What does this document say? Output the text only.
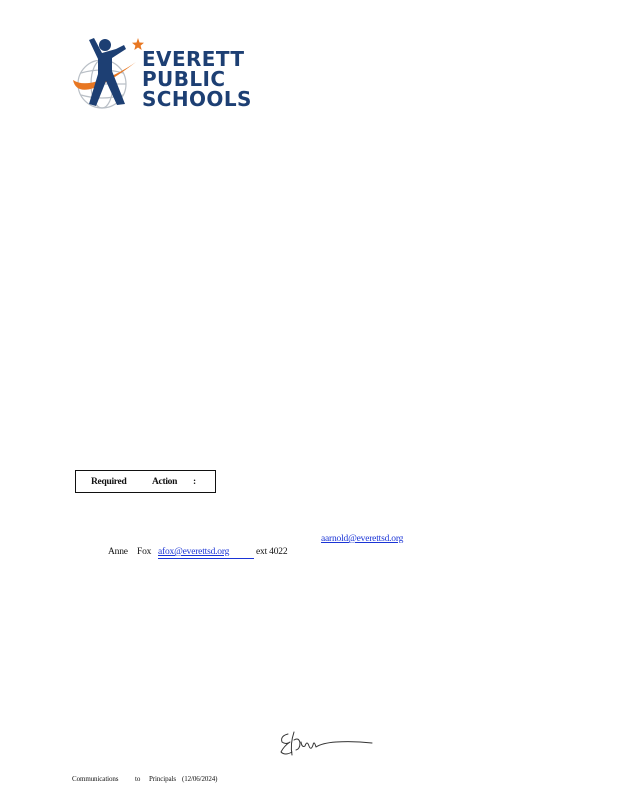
EVERETT
PUBLIC
SCHOOLS
Required	Action :
aarnold@everettsd.org
Anne Fox afox@everettsd.org	ext 4022
Communications to Principals (12/06/2024)
